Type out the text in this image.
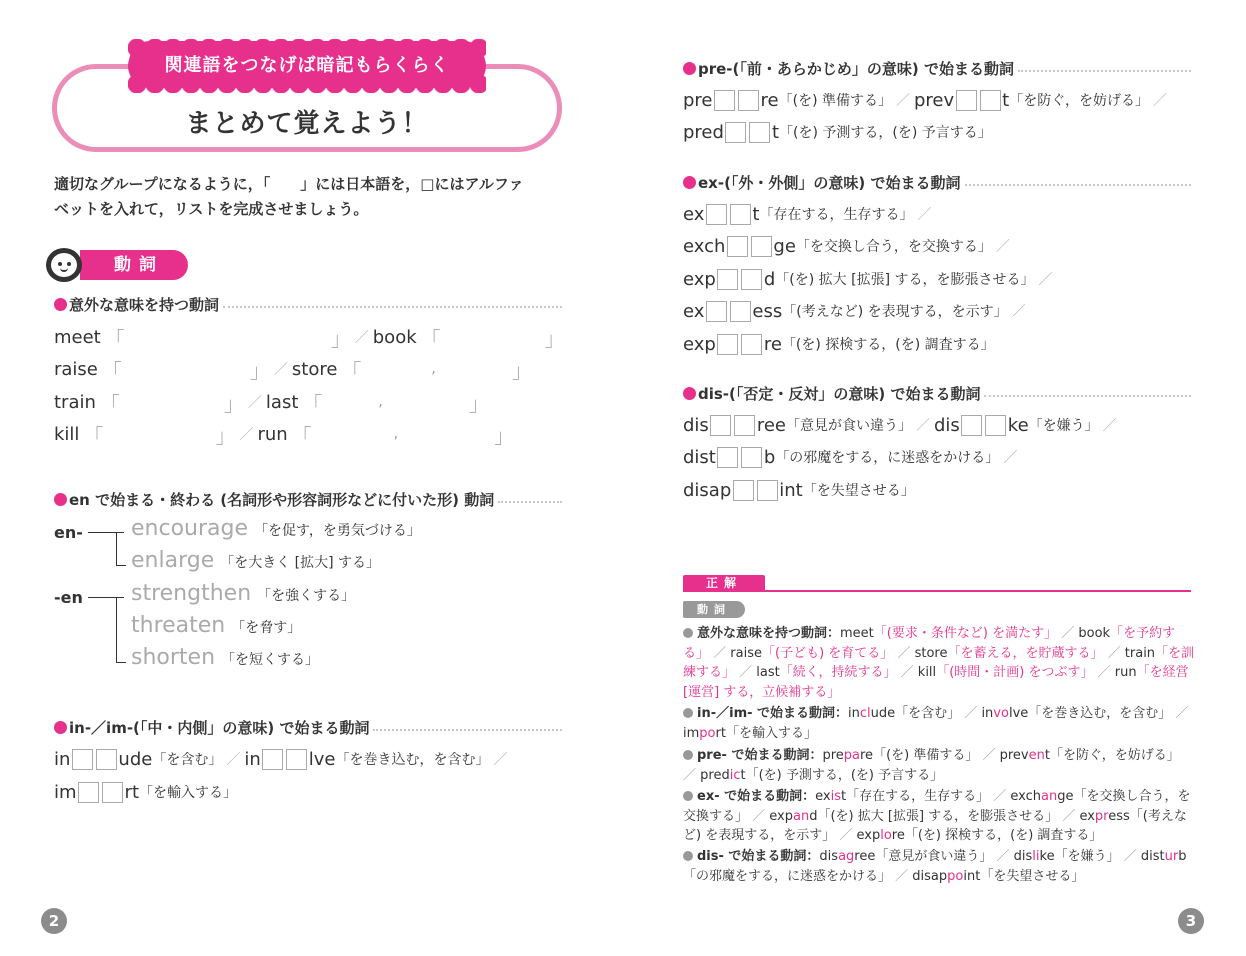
まとめて覚えよう！
関連語をつなげば暗記もらくらく
適切なグループになるように，「　　」には日本語を，□にはアルファ
ベットを入れて，リストを完成させましょう。
動詞
意外な意味を持つ動詞
meet 「	」 ／ book 「	」
raise 「	」 ／ store 「	,	」
train 「	」 ／ last 「	,	」
kill 「	」 ／ run 「	,	」
en で始まる・終わる (名詞形や形容詞形などに付いた形) 動詞
en- encourage 「を促す，を勇気づける」
enlarge 「を大きく [拡大] する」
-en strengthen 「を強くする」
threaten 「を脅す」
shorten 「を短くする」
in-／im-(「中・内側」の意味) で始まる動詞
in	ude 「を含む」 ／ in	lve 「を巻き込む，を含む」 ／
im	rt 「を輸入する」
2
pre-(「前・あらかじめ」の意味) で始まる動詞
pre	re 「(を) 準備する」 ／ prev	t 「を防ぐ，を妨げる」 ／
pred	t 「(を) 予測する，(を) 予言する」
ex-(「外・外側」の意味) で始まる動詞
ex	t 「存在する，生存する」 ／
exch	ge 「を交換し合う，を交換する」 ／
exp	d 「(を) 拡大 [拡張] する，を膨張させる」 ／
ex	ess 「(考えなど) を表現する，を示す」 ／
exp	re 「(を) 探検する，(を) 調査する」
dis-(「否定・反対」の意味) で始まる動詞
dis	ree 「意見が食い違う」 ／ dis	ke 「を嫌う」 ／
dist	b 「の邪魔をする，に迷惑をかける」 ／
disap	int 「を失望させる」
正解
動詞
意外な意味を持つ動詞：meet「(要求・条件など) を満たす」 ／ book「を予約する」 ／ raise「(子ども) を育てる」 ／ store「を蓄える，を貯蔵する」 ／ train「を訓練する」 ／ last「続く，持続する」 ／ kill「(時間・計画) をつぶす」 ／ run「を経営 [運営] する，立候補する」
in-／im- で始まる動詞：include「を含む」 ／ involve「を巻き込む，を含む」 ／ import「を輸入する」
pre- で始まる動詞：prepare「(を) 準備する」 ／ prevent「を防ぐ，を妨げる」 ／ predict「(を) 予測する，(を) 予言する」
ex- で始まる動詞：exist「存在する，生存する」 ／ exchange「を交換し合う，を交換する」 ／ expand「(を) 拡大 [拡張] する，を膨張させる」 ／ express「(考えなど) を表現する，を示す」 ／ explore「(を) 探検する，(を) 調査する」
dis- で始まる動詞：disagree「意見が食い違う」 ／ dislike「を嫌う」 ／ disturb「の邪魔をする，に迷惑をかける」 ／ disappoint「を失望させる」
3
